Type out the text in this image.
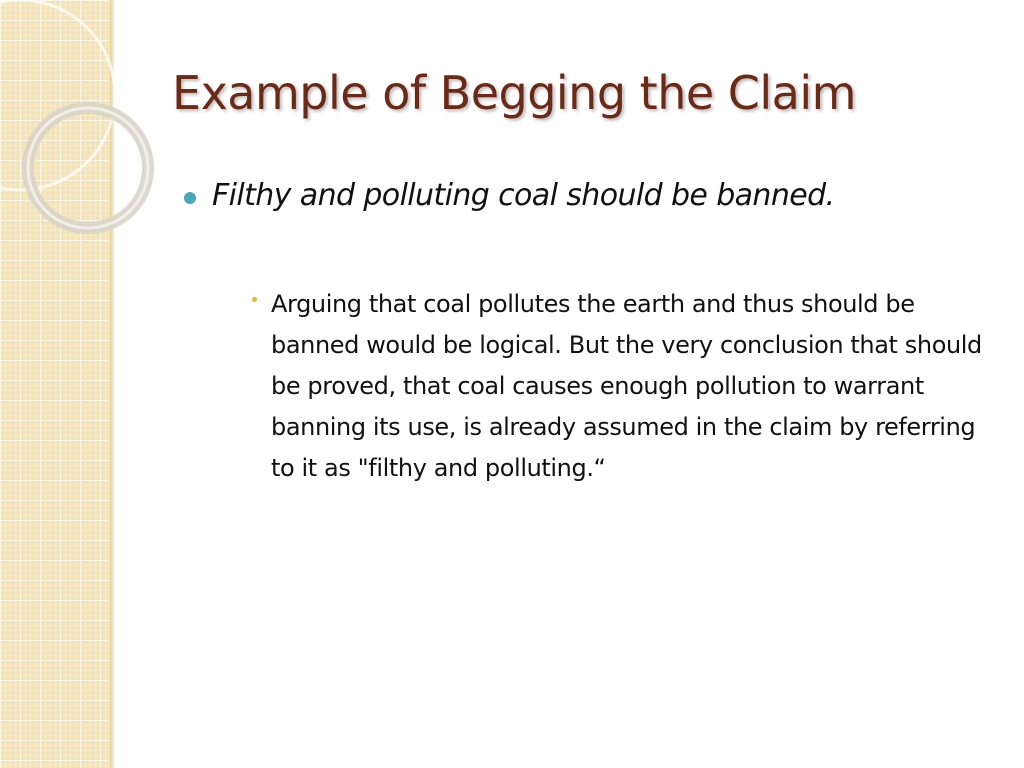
Example of Begging the Claim
Filthy and polluting coal should be banned.

Arguing that coal pollutes the earth and thus should be banned would be logical. But the very conclusion that should be proved, that coal causes enough pollution to warrant banning its use, is already assumed in the claim by referring to it as "filthy and polluting.“
